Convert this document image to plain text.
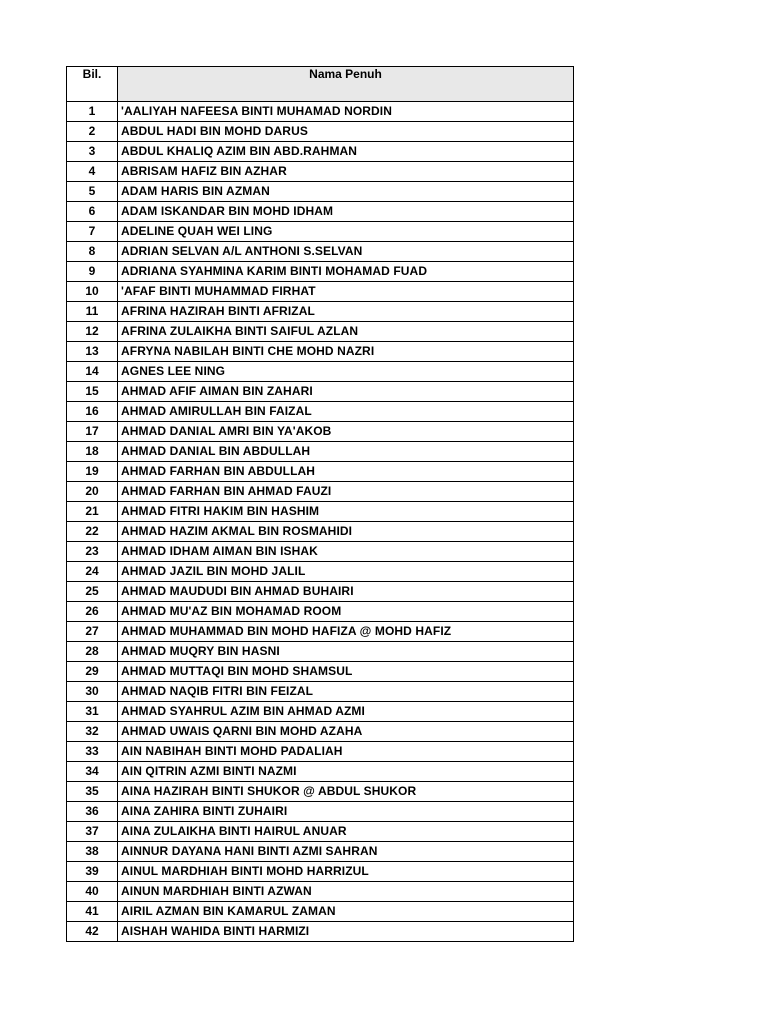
Bil.	Nama Penuh
1	'AALIYAH NAFEESA BINTI MUHAMAD NORDIN
2	ABDUL HADI BIN MOHD DARUS
3	ABDUL KHALIQ AZIM BIN ABD.RAHMAN
4	ABRISAM HAFIZ BIN AZHAR
5	ADAM HARIS BIN AZMAN
6	ADAM ISKANDAR BIN MOHD IDHAM
7	ADELINE QUAH WEI LING
8	ADRIAN SELVAN A/L ANTHONI S.SELVAN
9	ADRIANA SYAHMINA KARIM BINTI MOHAMAD FUAD
10	'AFAF BINTI MUHAMMAD FIRHAT
11	AFRINA HAZIRAH BINTI AFRIZAL
12	AFRINA ZULAIKHA BINTI SAIFUL AZLAN
13	AFRYNA NABILAH BINTI CHE MOHD NAZRI
14	AGNES LEE NING
15	AHMAD AFIF AIMAN BIN ZAHARI
16	AHMAD AMIRULLAH BIN FAIZAL
17	AHMAD DANIAL AMRI BIN YA'AKOB
18	AHMAD DANIAL BIN ABDULLAH
19	AHMAD FARHAN BIN ABDULLAH
20	AHMAD FARHAN BIN AHMAD FAUZI
21	AHMAD FITRI HAKIM BIN HASHIM
22	AHMAD HAZIM AKMAL BIN ROSMAHIDI
23	AHMAD IDHAM AIMAN BIN ISHAK
24	AHMAD JAZIL BIN MOHD JALIL
25	AHMAD MAUDUDI BIN AHMAD BUHAIRI
26	AHMAD MU'AZ BIN MOHAMAD ROOM
27	AHMAD MUHAMMAD BIN MOHD HAFIZA @ MOHD HAFIZ
28	AHMAD MUQRY BIN HASNI
29	AHMAD MUTTAQI BIN MOHD SHAMSUL
30	AHMAD NAQIB FITRI BIN FEIZAL
31	AHMAD SYAHRUL AZIM BIN AHMAD AZMI
32	AHMAD UWAIS QARNI BIN MOHD AZAHA
33	AIN NABIHAH BINTI MOHD PADALIAH
34	AIN QITRIN AZMI BINTI NAZMI
35	AINA HAZIRAH BINTI SHUKOR @ ABDUL SHUKOR
36	AINA ZAHIRA BINTI ZUHAIRI
37	AINA ZULAIKHA BINTI HAIRUL ANUAR
38	AINNUR DAYANA HANI BINTI AZMI SAHRAN
39	AINUL MARDHIAH BINTI MOHD HARRIZUL
40	AINUN MARDHIAH BINTI AZWAN
41	AIRIL AZMAN BIN KAMARUL ZAMAN
42	AISHAH WAHIDA BINTI HARMIZI
